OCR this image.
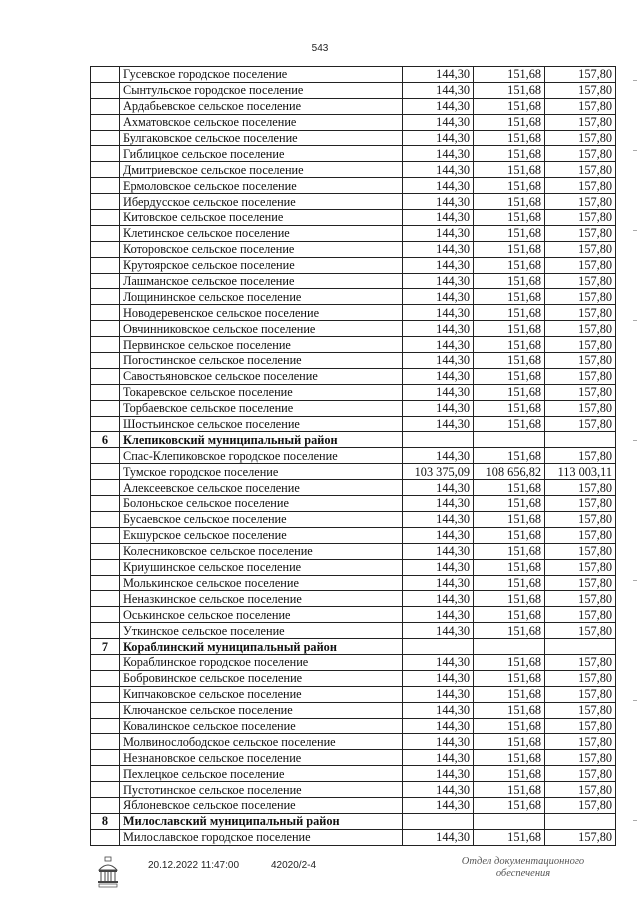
543
	Гусевское городское поселение	144,30	151,68	157,80
	Сынтульское городское поселение	144,30	151,68	157,80
	Ардабьевское сельское поселение	144,30	151,68	157,80
	Ахматовское сельское поселение	144,30	151,68	157,80
	Булгаковское сельское поселение	144,30	151,68	157,80
	Гиблицкое сельское поселение	144,30	151,68	157,80
	Дмитриевское сельское поселение	144,30	151,68	157,80
	Ермоловское сельское поселение	144,30	151,68	157,80
	Ибердусское сельское поселение	144,30	151,68	157,80
	Китовское сельское поселение	144,30	151,68	157,80
	Клетинское сельское поселение	144,30	151,68	157,80
	Которовское сельское поселение	144,30	151,68	157,80
	Крутоярское сельское поселение	144,30	151,68	157,80
	Лашманское сельское поселение	144,30	151,68	157,80
	Лощининское сельское поселение	144,30	151,68	157,80
	Новодеревенское сельское поселение	144,30	151,68	157,80
	Овчинниковское сельское поселение	144,30	151,68	157,80
	Первинское сельское поселение	144,30	151,68	157,80
	Погостинское сельское поселение	144,30	151,68	157,80
	Савостьяновское сельское поселение	144,30	151,68	157,80
	Токаревское сельское поселение	144,30	151,68	157,80
	Торбаевское сельское поселение	144,30	151,68	157,80
	Шостьинское сельское поселение	144,30	151,68	157,80
6	Клепиковский муниципальный район			
	Спас-Клепиковское городское поселение	144,30	151,68	157,80
	Тумское городское поселение	103 375,09	108 656,82	113 003,11
	Алексеевское сельское поселение	144,30	151,68	157,80
	Болоньское сельское поселение	144,30	151,68	157,80
	Бусаевское сельское поселение	144,30	151,68	157,80
	Екшурское сельское поселение	144,30	151,68	157,80
	Колесниковское сельское поселение	144,30	151,68	157,80
	Криушинское сельское поселение	144,30	151,68	157,80
	Молькинское сельское поселение	144,30	151,68	157,80
	Неназкинское сельское поселение	144,30	151,68	157,80
	Оськинское сельское поселение	144,30	151,68	157,80
	Уткинское сельское поселение	144,30	151,68	157,80
7	Кораблинский муниципальный район			
	Кораблинское городское поселение	144,30	151,68	157,80
	Бобровинское сельское поселение	144,30	151,68	157,80
	Кипчаковское сельское поселение	144,30	151,68	157,80
	Ключанское сельское поселение	144,30	151,68	157,80
	Ковалинское сельское поселение	144,30	151,68	157,80
	Молвинослободское сельское поселение	144,30	151,68	157,80
	Незнановское сельское поселение	144,30	151,68	157,80
	Пехлецкое сельское поселение	144,30	151,68	157,80
	Пустотинское сельское поселение	144,30	151,68	157,80
	Яблоневское сельское поселение	144,30	151,68	157,80
8	Милославский муниципальный район			
	Милославское городское поселение	144,30	151,68	157,80
20.12.2022 11:47:00	42020/2-4	Отдел документационного
обеспечения
